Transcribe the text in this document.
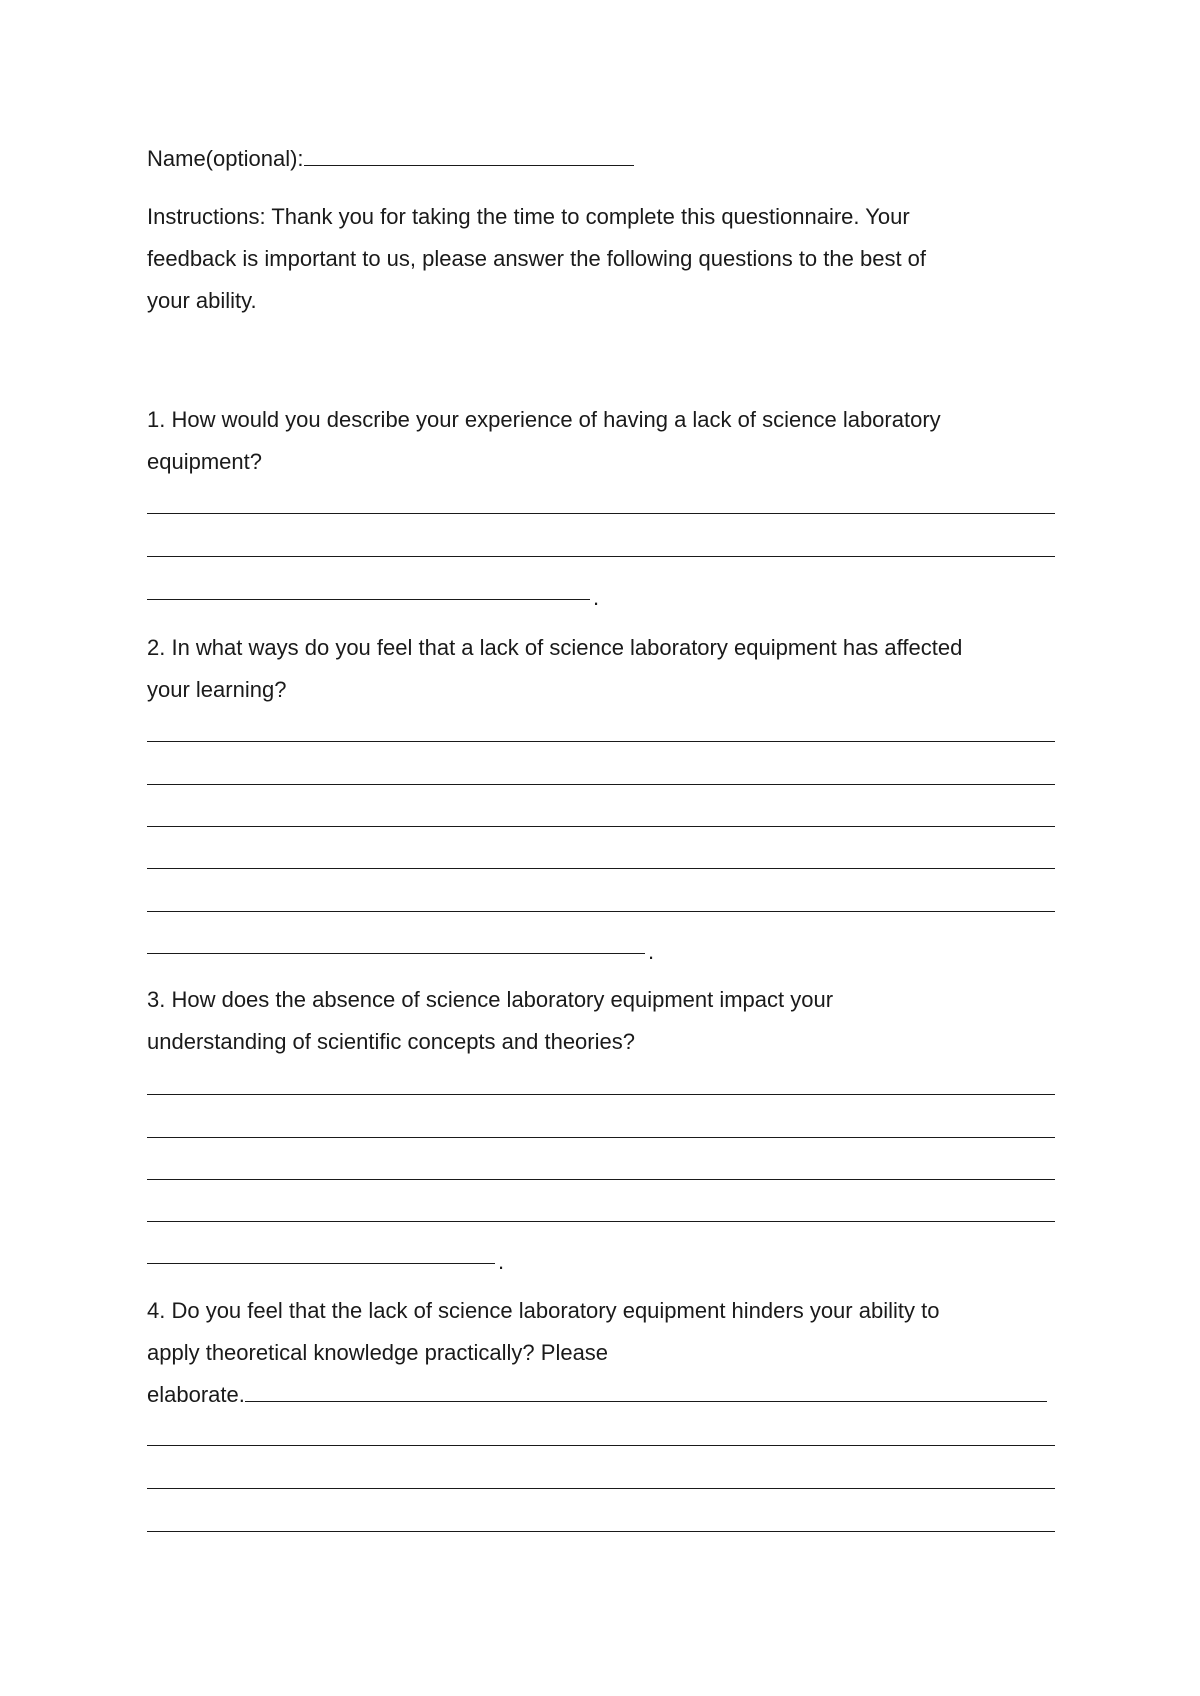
Name(optional):
Instructions: Thank you for taking the time to complete this questionnaire. Your
feedback is important to us, please answer the following questions to the best of
your ability.
1. How would you describe your experience of having a lack of science laboratory
equipment?
.
2. In what ways do you feel that a lack of science laboratory equipment has affected
your learning?
.
3. How does the absence of science laboratory equipment impact your
understanding of scientific concepts and theories?
.
4. Do you feel that the lack of science laboratory equipment hinders your ability to
apply theoretical knowledge practically? Please
elaborate.
